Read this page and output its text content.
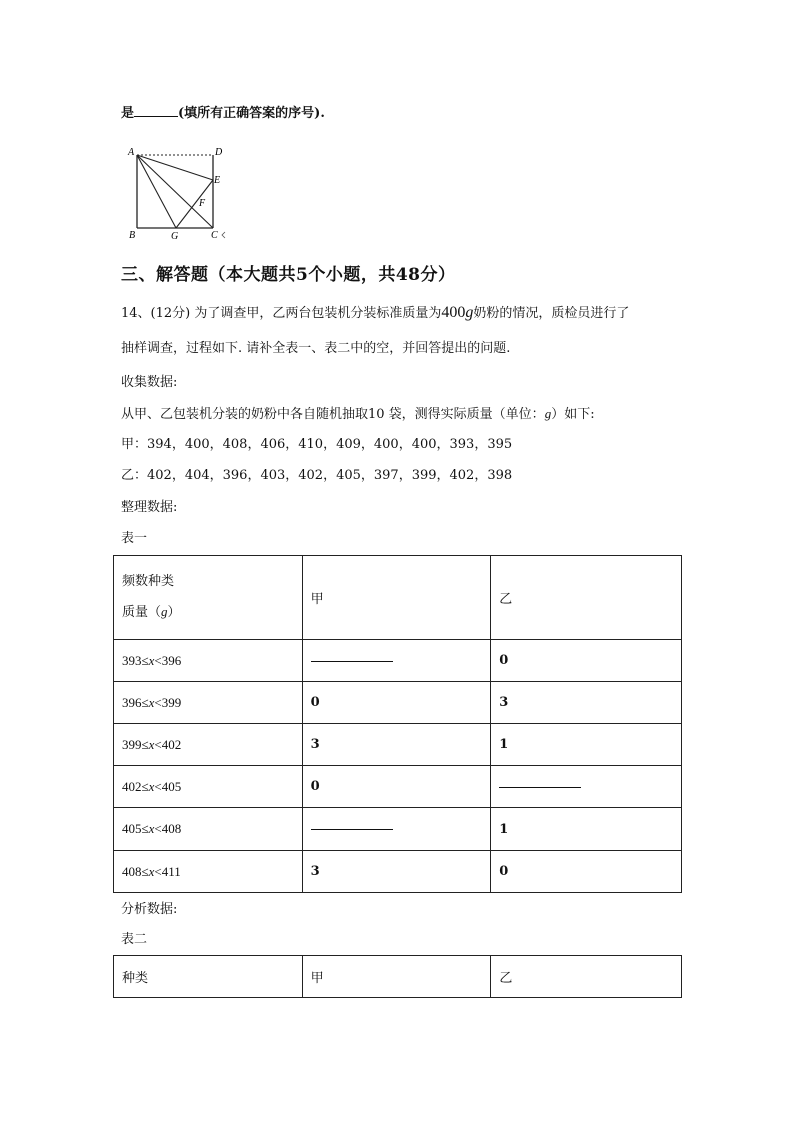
是	(填所有正确答案的序号).
A	D
E
F
B	G	C
三、解答题（本大题共5个小题，共48分）
14、(12分) 为了调查甲，乙两台包装机分装标准质量为400g奶粉的情况，质检员进行了
抽样调查，过程如下. 请补全表一、表二中的空，并回答提出的问题.
收集数据:
从甲、乙包装机分装的奶粉中各自随机抽取10 袋，测得实际质量（单位：g）如下:
甲：394，400，408，406，410，409，400，400，393，395
乙：402，404，396，403，402，405，397，399，402，398
整理数据:
表一
频数种类
质量（g）	甲	乙
393≤x<396		0
396≤x<399	0	3
399≤x<402	3	1
402≤x<405	0	
405≤x<408		1
408≤x<411	3	0
分析数据:
表二
种类	甲	乙
